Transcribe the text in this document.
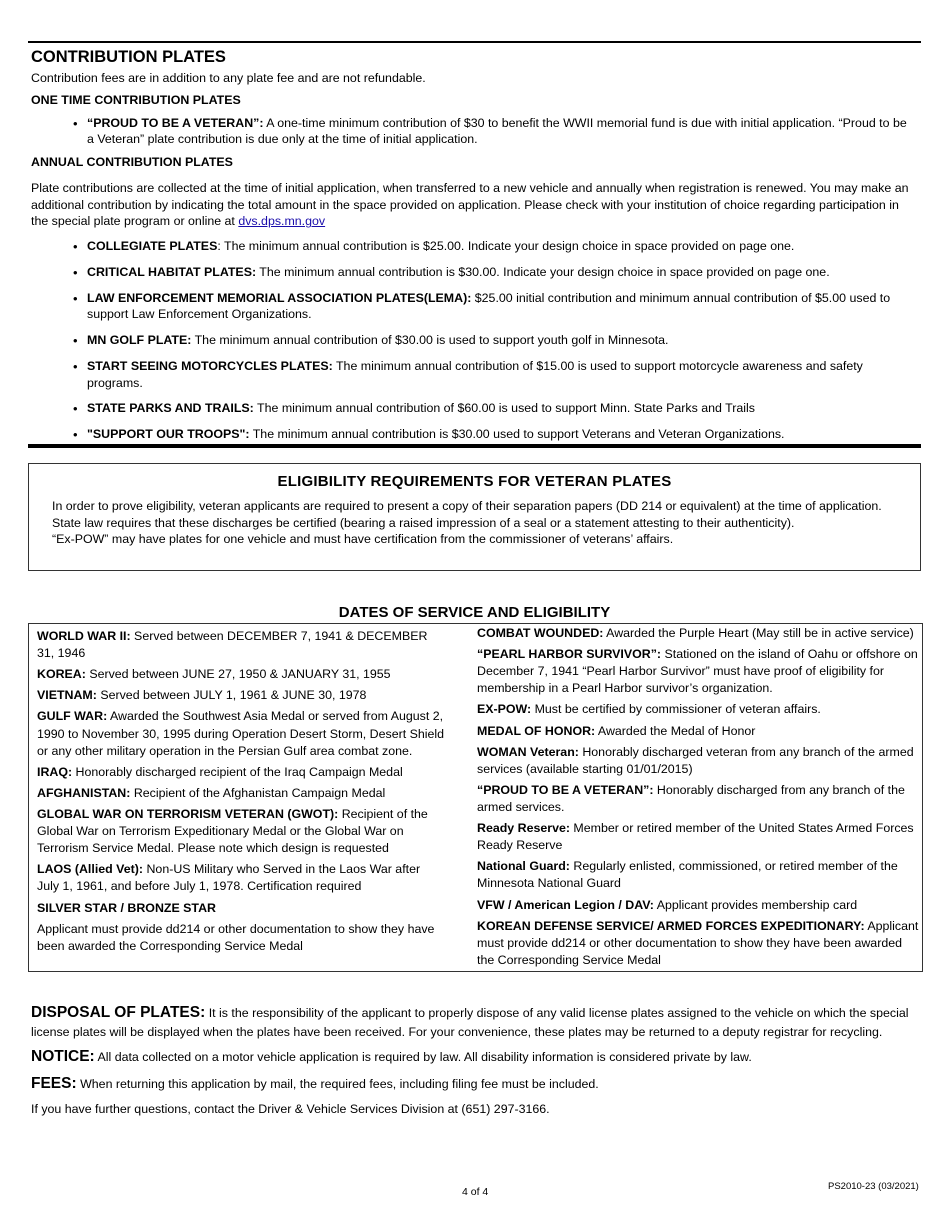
CONTRIBUTION PLATES
Contribution fees are in addition to any plate fee and are not refundable.
ONE TIME CONTRIBUTION PLATES
• “PROUD TO BE A VETERAN”: A one-time minimum contribution of $30 to benefit the WWII memorial fund is due with initial application. “Proud to be a Veteran” plate contribution is due only at the time of initial application.
ANNUAL CONTRIBUTION PLATES
Plate contributions are collected at the time of initial application, when transferred to a new vehicle and annually when registration is renewed. You may make an additional contribution by indicating the total amount in the space provided on application. Please check with your institution of choice regarding participation in the special plate program or online at dvs.dps.mn.gov
• COLLEGIATE PLATES: The minimum annual contribution is $25.00. Indicate your design choice in space provided on page one.
• CRITICAL HABITAT PLATES: The minimum annual contribution is $30.00. Indicate your design choice in space provided on page one.
• LAW ENFORCEMENT MEMORIAL ASSOCIATION PLATES(LEMA): $25.00 initial contribution and minimum annual contribution of $5.00 used to support Law Enforcement Organizations.
• MN GOLF PLATE: The minimum annual contribution of $30.00 is used to support youth golf in Minnesota.
• START SEEING MOTORCYCLES PLATES: The minimum annual contribution of $15.00 is used to support motorcycle awareness and safety programs.
• STATE PARKS AND TRAILS: The minimum annual contribution of $60.00 is used to support Minn. State Parks and Trails
• "SUPPORT OUR TROOPS": The minimum annual contribution is $30.00 used to support Veterans and Veteran Organizations.
ELIGIBILITY REQUIREMENTS FOR VETERAN PLATES
In order to prove eligibility, veteran applicants are required to present a copy of their separation papers (DD 214 or equivalent) at the time of application.
State law requires that these discharges be certified (bearing a raised impression of a seal or a statement attesting to their authenticity).
“Ex-POW” may have plates for one vehicle and must have certification from the commissioner of veterans’ affairs.
DATES OF SERVICE AND ELIGIBILITY
WORLD WAR II: Served between DECEMBER 7, 1941 & DECEMBER 31, 1946
KOREA: Served between JUNE 27, 1950 & JANUARY 31, 1955
VIETNAM: Served between JULY 1, 1961 & JUNE 30, 1978
GULF WAR: Awarded the Southwest Asia Medal or served from August 2, 1990 to November 30, 1995 during Operation Desert Storm, Desert Shield or any other military operation in the Persian Gulf area combat zone.
IRAQ: Honorably discharged recipient of the Iraq Campaign Medal
AFGHANISTAN: Recipient of the Afghanistan Campaign Medal
GLOBAL WAR ON TERRORISM VETERAN (GWOT): Recipient of the Global War on Terrorism Expeditionary Medal or the Global War on Terrorism Service Medal. Please note which design is requested
LAOS (Allied Vet): Non-US Military who Served in the Laos War after July 1, 1961, and before July 1, 1978. Certification required
SILVER STAR / BRONZE STAR
Applicant must provide dd214 or other documentation to show they have been awarded the Corresponding Service Medal
COMBAT WOUNDED: Awarded the Purple Heart (May still be in active service)
“PEARL HARBOR SURVIVOR”: Stationed on the island of Oahu or offshore on December 7, 1941 “Pearl Harbor Survivor” must have proof of eligibility for membership in a Pearl Harbor survivor’s organization.
EX-POW: Must be certified by commissioner of veteran affairs.
MEDAL OF HONOR: Awarded the Medal of Honor
WOMAN Veteran: Honorably discharged veteran from any branch of the armed services (available starting 01/01/2015)
“PROUD TO BE A VETERAN”: Honorably discharged from any branch of the armed services.
Ready Reserve: Member or retired member of the United States Armed Forces Ready Reserve
National Guard: Regularly enlisted, commissioned, or retired member of the Minnesota National Guard
VFW / American Legion / DAV: Applicant provides membership card
KOREAN DEFENSE SERVICE/ ARMED FORCES EXPEDITIONARY: Applicant must provide dd214 or other documentation to show they have been awarded the Corresponding Service Medal
DISPOSAL OF PLATES: It is the responsibility of the applicant to properly dispose of any valid license plates assigned to the vehicle on which the special license plates will be displayed when the plates have been received. For your convenience, these plates may be returned to a deputy registrar for recycling.
NOTICE: All data collected on a motor vehicle application is required by law. All disability information is considered private by law.
FEES: When returning this application by mail, the required fees, including filing fee must be included.
If you have further questions, contact the Driver & Vehicle Services Division at (651) 297-3166.
4 of 4	PS2010-23 (03/2021)
